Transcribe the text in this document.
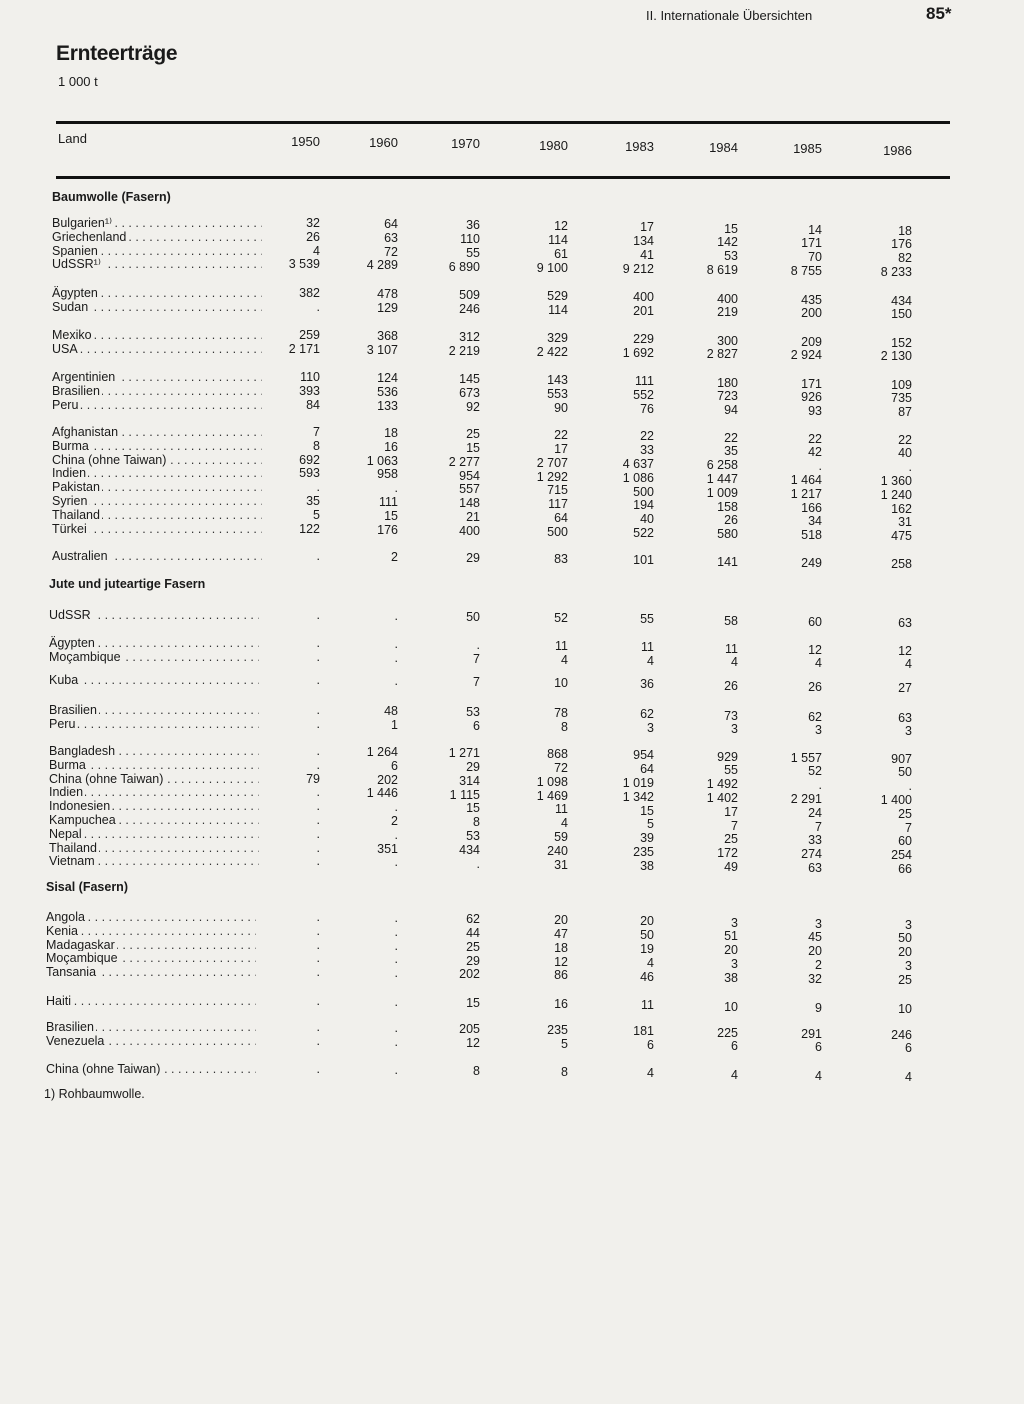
II. Internationale Übersichten	85*
Ernteerträge
1 000 t
Land	1950	1960	1970	1980	1983	1984	1985	1986
1) Rohbaumwolle.
Baumwolle (Fasern)
Bulgarien¹⁾ . . .	32	64	36	12	17	15	14	18
Griechenland . . .	26	63	110	114	134	142	171	176
Spanien . . .	4	72	55	61	41	53	70	82
UdSSR¹⁾ . . .	3 539	4 289	6 890	9 100	9 212	8 619	8 755	8 233
Ägypten . . .	382	478	509	529	400	400	435	434
Sudan . . .	.	129	246	114	201	219	200	150
Mexiko . . .	259	368	312	329	229	300	209	152
USA . . .	2 171	3 107	2 219	2 422	1 692	2 827	2 924	2 130
Argentinien . . .	110	124	145	143	111	180	171	109
Brasilien . . .	393	536	673	553	552	723	926	735
Peru . . .	84	133	92	90	76	94	93	87
Afghanistan . . .	7	18	25	22	22	22	22	22
Burma . . .	8	16	15	17	33	35	42	40
China (ohne Taiwan) . . .	692	1 063	2 277	2 707	4 637	6 258	.	.
Indien . . .	593	958	954	1 292	1 086	1 447	1 464	1 360
Pakistan . . .	.	.	557	715	500	1 009	1 217	1 240
Syrien . . .	35	111	148	117	194	158	166	162
Thailand . . .	5	15	21	64	40	26	34	31
Türkei . . .	122	176	400	500	522	580	518	475
Australien . . .	.	2	29	83	101	141	249	258
Jute und juteartige Fasern
UdSSR . . .	.	.	50	52	55	58	60	63
Ägypten . . .	.	.	.	11	11	11	12	12
Moçambique . . .	.	.	7	4	4	4	4	4
Kuba . . .	.	.	7	10	36	26	26	27
Brasilien . . .	.	48	53	78	62	73	62	63
Peru . . .	.	1	6	8	3	3	3	3
Bangladesh . . .	.	1 264	1 271	868	954	929	1 557	907
Burma . . .	.	6	29	72	64	55	52	50
China (ohne Taiwan) . . .	79	202	314	1 098	1 019	1 492	.	.
Indien . . .	.	1 446	1 115	1 469	1 342	1 402	2 291	1 400
Indonesien . . .	.	.	15	11	15	17	24	25
Kampuchea . . .	.	2	8	4	5	7	7	7
Nepal . . .	.	.	53	59	39	25	33	60
Thailand . . .	.	351	434	240	235	172	274	254
Vietnam . . .	.	.	.	31	38	49	63	66
Sisal (Fasern)
Angola . . .	.	.	62	20	20	3	3	3
Kenia . . .	.	.	44	47	50	51	45	50
Madagaskar . . .	.	.	25	18	19	20	20	20
Moçambique . . .	.	.	29	12	4	3	2	3
Tansania . . .	.	.	202	86	46	38	32	25
Haiti . . .	.	.	15	16	11	10	9	10
Brasilien . . .	.	.	205	235	181	225	291	246
Venezuela . . .	.	.	12	5	6	6	6	6
China (ohne Taiwan) . . .	.	.	8	8	4	4	4	4
